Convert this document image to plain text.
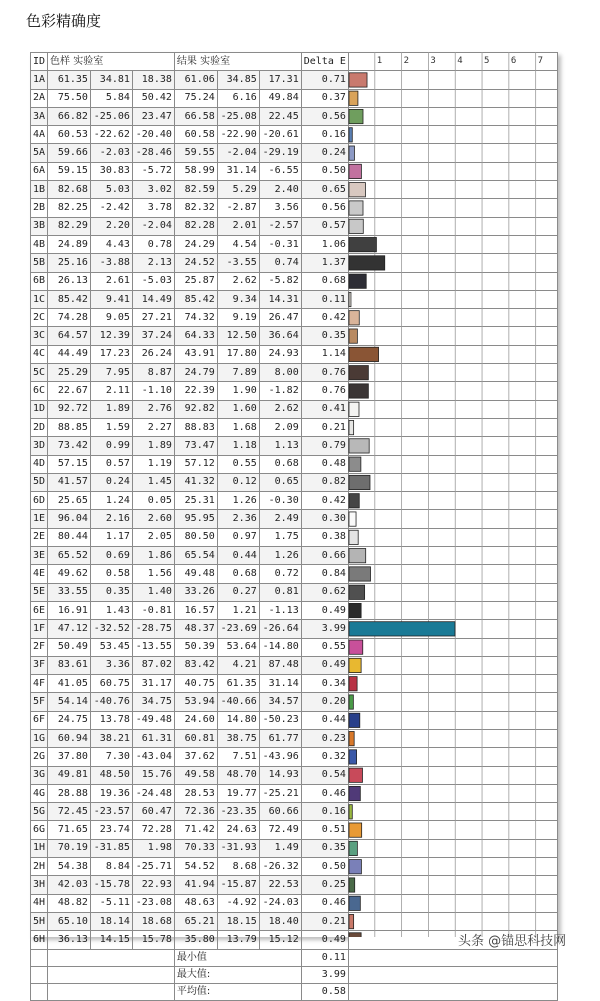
色彩精确度
ID	色样 实验室			结果 实验室			Delta E	
1A	61.35	34.81	18.38	61.06	34.85	17.31	0.71	
2A	75.50	5.84	50.42	75.24	6.16	49.84	0.37	
3A	66.82	-25.06	23.47	66.58	-25.08	22.45	0.56	
4A	60.53	-22.62	-20.40	60.58	-22.90	-20.61	0.16	
5A	59.66	-2.03	-28.46	59.55	-2.04	-29.19	0.24	
6A	59.15	30.83	-5.72	58.99	31.14	-6.55	0.50	
1B	82.68	5.03	3.02	82.59	5.29	2.40	0.65	
2B	82.25	-2.42	3.78	82.32	-2.87	3.56	0.56	
3B	82.29	2.20	-2.04	82.28	2.01	-2.57	0.57	
4B	24.89	4.43	0.78	24.29	4.54	-0.31	1.06	
5B	25.16	-3.88	2.13	24.52	-3.55	0.74	1.37	
6B	26.13	2.61	-5.03	25.87	2.62	-5.82	0.68	
1C	85.42	9.41	14.49	85.42	9.34	14.31	0.11	
2C	74.28	9.05	27.21	74.32	9.19	26.47	0.42	
3C	64.57	12.39	37.24	64.33	12.50	36.64	0.35	
4C	44.49	17.23	26.24	43.91	17.80	24.93	1.14	
5C	25.29	7.95	8.87	24.79	7.89	8.00	0.76	
6C	22.67	2.11	-1.10	22.39	1.90	-1.82	0.76	
1D	92.72	1.89	2.76	92.82	1.60	2.62	0.41	
2D	88.85	1.59	2.27	88.83	1.68	2.09	0.21	
3D	73.42	0.99	1.89	73.47	1.18	1.13	0.79	
4D	57.15	0.57	1.19	57.12	0.55	0.68	0.48	
5D	41.57	0.24	1.45	41.32	0.12	0.65	0.82	
6D	25.65	1.24	0.05	25.31	1.26	-0.30	0.42	
1E	96.04	2.16	2.60	95.95	2.36	2.49	0.30	
2E	80.44	1.17	2.05	80.50	0.97	1.75	0.38	
3E	65.52	0.69	1.86	65.54	0.44	1.26	0.66	
4E	49.62	0.58	1.56	49.48	0.68	0.72	0.84	
5E	33.55	0.35	1.40	33.26	0.27	0.81	0.62	
6E	16.91	1.43	-0.81	16.57	1.21	-1.13	0.49	
1F	47.12	-32.52	-28.75	48.37	-23.69	-26.64	3.99	
2F	50.49	53.45	-13.55	50.39	53.64	-14.80	0.55	
3F	83.61	3.36	87.02	83.42	4.21	87.48	0.49	
4F	41.05	60.75	31.17	40.75	61.35	31.14	0.34	
5F	54.14	-40.76	34.75	53.94	-40.66	34.57	0.20	
6F	24.75	13.78	-49.48	24.60	14.80	-50.23	0.44	
1G	60.94	38.21	61.31	60.81	38.75	61.77	0.23	
2G	37.80	7.30	-43.04	37.62	7.51	-43.96	0.32	
3G	49.81	48.50	15.76	49.58	48.70	14.93	0.54	
4G	28.88	19.36	-24.48	28.53	19.77	-25.21	0.46	
5G	72.45	-23.57	60.47	72.36	-23.35	60.66	0.16	
6G	71.65	23.74	72.28	71.42	24.63	72.49	0.51	
1H	70.19	-31.85	1.98	70.33	-31.93	1.49	0.35	
2H	54.38	8.84	-25.71	54.52	8.68	-26.32	0.50	
3H	42.03	-15.78	22.93	41.94	-15.87	22.53	0.25	
4H	48.82	-5.11	-23.08	48.63	-4.92	-24.03	0.46	
5H	65.10	18.14	18.68	65.21	18.15	18.40	0.21	
6H	36.13	14.15	15.78	35.80	13.79	15.12	0.49	
				最小值			0.11	
				最大值:			3.99	
				平均值:			0.58	
1 2 3 4 5 6 7
头条 @锚思科技网
